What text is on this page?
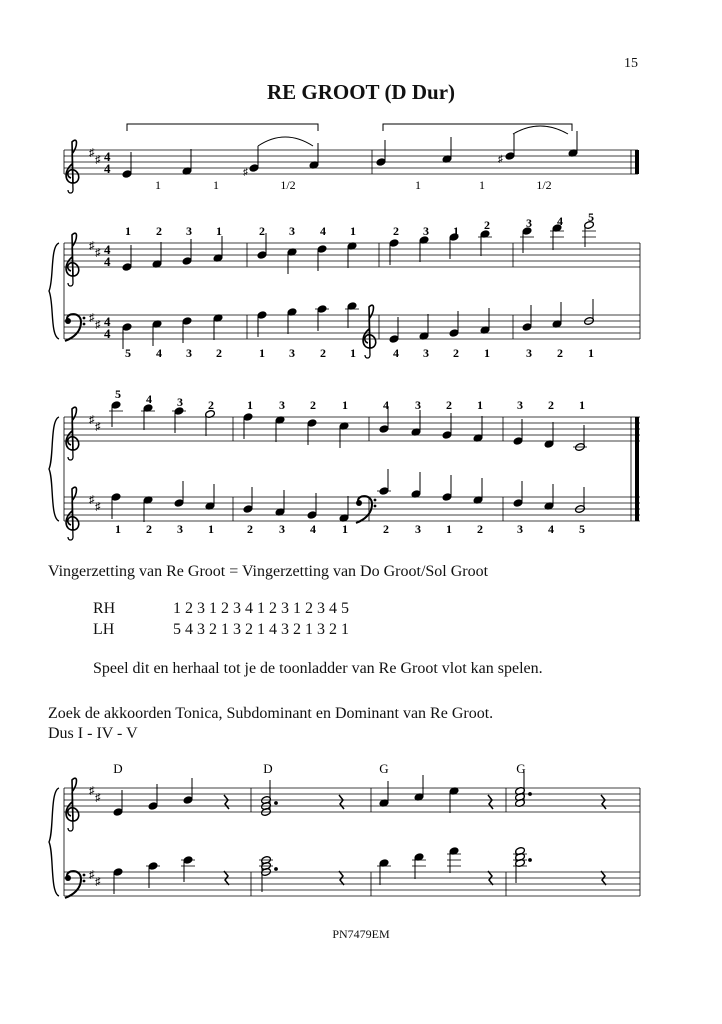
15
RE GROOT (D Dur)
♯
♯ 4
4	♯
♯
1	1	1/2	1	1	1/2
♯
♯
♯
♯
4
4
4
4
1 2 3 1	2 3 4 1	2 3 1 2	3 4 5
5 4 3 2	1 3 2 1	4 3 2 1	3 2 1
♯
♯
♯
♯
5 4 3 2	1 3 2 1	4 3 2 1	3 2 1
1 2 3 1	2 3 4 1	2 3 1 2	3 4 5
♯
♯
♯
♯
D	D	G	G
Vingerzetting van Re Groot = Vingerzetting van Do Groot/Sol Groot
RH	1 2 3 1 2 3 4 1 2 3 1 2 3 4 5
LH	5 4 3 2 1 3 2 1 4 3 2 1 3 2 1
Speel dit en herhaal tot je de toonladder van Re Groot vlot kan spelen.
Zoek de akkoorden Tonica, Subdominant en Dominant van Re Groot.
Dus I - IV - V
PN7479EM
